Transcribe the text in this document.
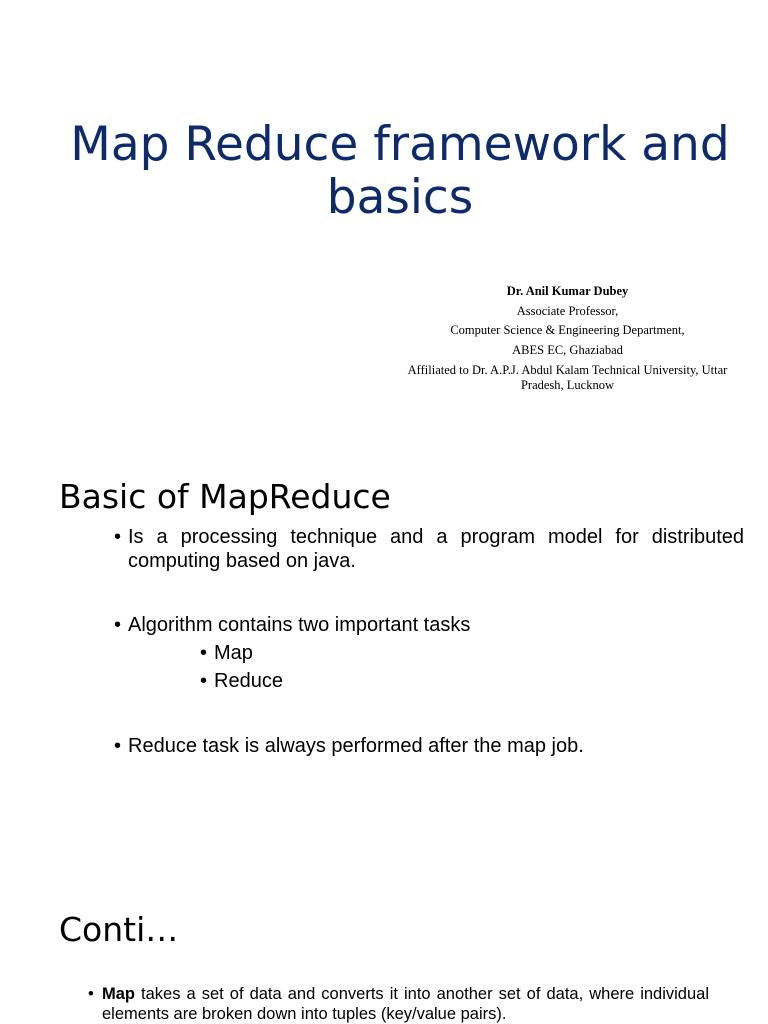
Map Reduce framework and basics
Dr. Anil Kumar Dubey
Associate Professor,
Computer Science & Engineering Department,
ABES EC, Ghaziabad
Affiliated to Dr. A.P.J. Abdul Kalam Technical University, Uttar Pradesh, Lucknow
Basic of MapReduce
• Is a processing technique and a program model for distributed computing based on java.
• Algorithm contains two important tasks
• Map
• Reduce
• Reduce task is always performed after the map job.
Conti…
• Map takes a set of data and converts it into another set of data, where individual elements are broken down into tuples (key/value pairs).
